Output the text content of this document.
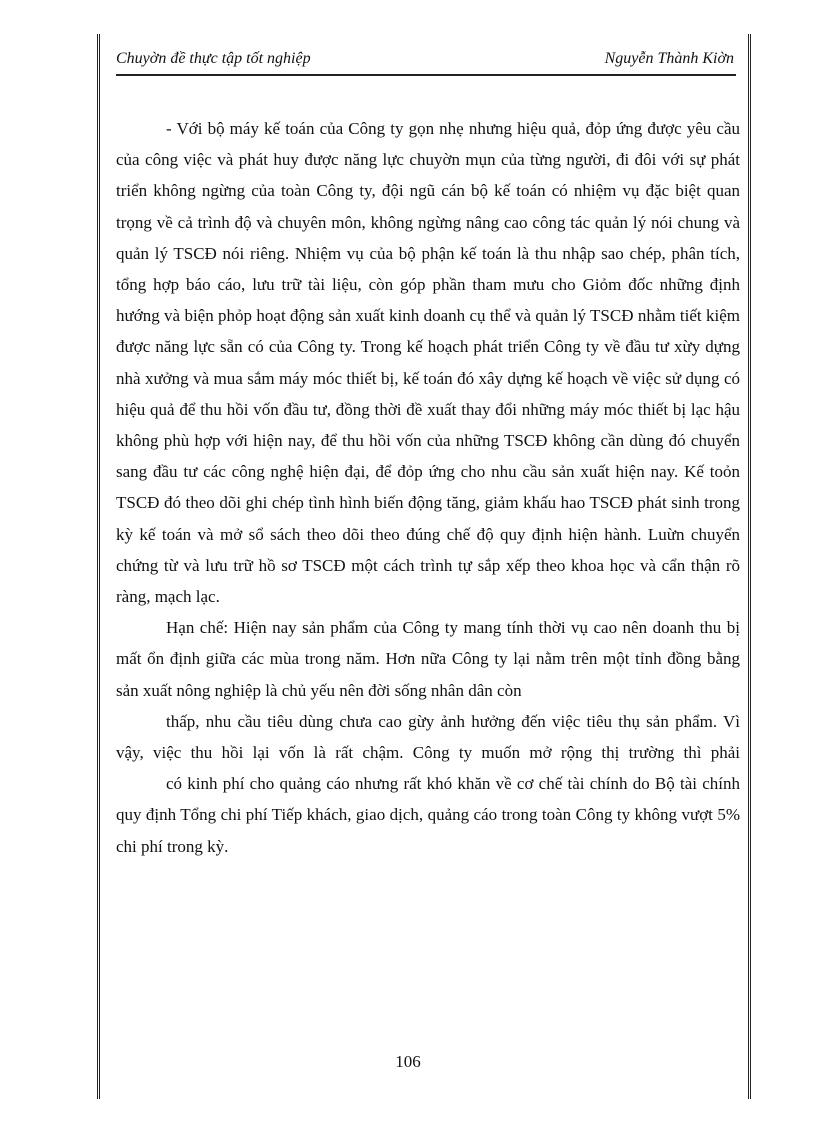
Chuyờn đề thực tập tốt nghiệp	Nguyễn Thành Kiờn

- Với bộ máy kế toán của Công ty gọn nhẹ nhưng hiệu quả, đỏp ứng được yêu cầu của công việc và phát huy được năng lực chuyờn mụn của từng người, đi đôi với sự phát triển không ngừng của toàn Công ty, đội ngũ cán bộ kế toán có nhiệm vụ đặc biệt quan trọng về cả trình độ và chuyên môn, không ngừng nâng cao công tác quản lý nói chung và quản lý TSCĐ nói riêng. Nhiệm vụ của bộ phận kế toán là thu nhập sao chép, phân tích, tổng hợp báo cáo, lưu trữ tài liệu, còn góp phần tham mưu cho Giỏm đốc những định hướng và biện phỏp hoạt động sản xuất kinh doanh cụ thể và quản lý TSCĐ nhằm tiết kiệm được năng lực sẵn có của Công ty. Trong kế hoạch phát triển Công ty về đầu tư xừy dựng nhà xưởng và mua sắm máy móc thiết bị, kế toán đó xây dựng kế hoạch về việc sử dụng có hiệu quả để thu hồi vốn đầu tư, đồng thời đề xuất thay đổi những máy móc thiết bị lạc hậu không phù hợp với hiện nay, để thu hồi vốn của những TSCĐ không cần dùng đó chuyển sang đầu tư các công nghệ hiện đại, để đỏp ứng cho nhu cầu sản xuất hiện nay. Kế toỏn TSCĐ đó theo dõi ghi chép tình hình biến động tăng, giảm khấu hao TSCĐ phát sinh trong kỳ kế toán và mở sổ sách theo dõi theo đúng chế độ quy định hiện hành. Luừn chuyển chứng từ và lưu trữ hồ sơ TSCĐ một cách trình tự sắp xếp theo khoa học và cẩn thận rõ ràng, mạch lạc.

Hạn chế: Hiện nay sản phẩm của Công ty mang tính thời vụ cao nên doanh thu bị mất ổn định giữa các mùa trong năm. Hơn nữa Công ty lại nằm trên một tỉnh đồng bằng sản xuất nông nghiệp là chủ yếu nên đời sống nhân dân còn

thấp, nhu cầu tiêu dùng chưa cao gừy ảnh hưởng đến việc tiêu thụ sản phẩm. Vì vậy, việc thu hồi lại vốn là rất chậm. Công ty muốn mở rộng thị trường thì phải

có kinh phí cho quảng cáo nhưng rất khó khăn về cơ chế tài chính do Bộ tài chính quy định Tổng chi phí Tiếp khách, giao dịch, quảng cáo trong toàn Công ty không vượt 5% chi phí trong kỳ.

106
